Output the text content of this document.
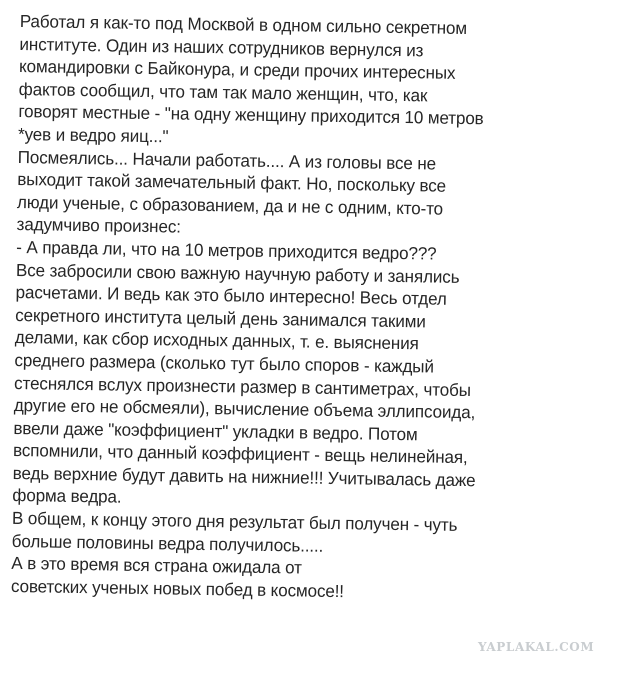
Работал я как-то под Москвой в одном сильно секретном
институте. Один из наших сотрудников вернулся из
командировки с Байконура, и среди прочих интересных
фактов сообщил, что там так мало женщин, что, как
говорят местные - "на одну женщину приходится 10 метров
*уев и ведро яиц..."
Посмеялись... Начали работать.... А из головы все не
выходит такой замечательный факт. Но, поскольку все
люди ученые, с образованием, да и не с одним, кто-то
задумчиво произнес:
- А правда ли, что на 10 метров приходится ведро???
Все забросили свою важную научную работу и занялись
расчетами. И ведь как это было интересно! Весь отдел
секретного института целый день занимался такими
делами, как сбор исходных данных, т. е. выяснения
среднего размера (сколько тут было споров - каждый
стеснялся вслух произнести размер в сантиметрах, чтобы
другие его не обсмеяли), вычисление объема эллипсоида,
ввели даже "коэффициент" укладки в ведро. Потом
вспомнили, что данный коэффициент - вещь нелинейная,
ведь верхние будут давить на нижние!!! Учитывалась даже
форма ведра.
В общем, к концу этого дня результат был получен - чуть
больше половины ведра получилось.....
А в это время вся страна ожидала от
советских ученых новых побед в космосе!!
YAPLAKAL.COM
